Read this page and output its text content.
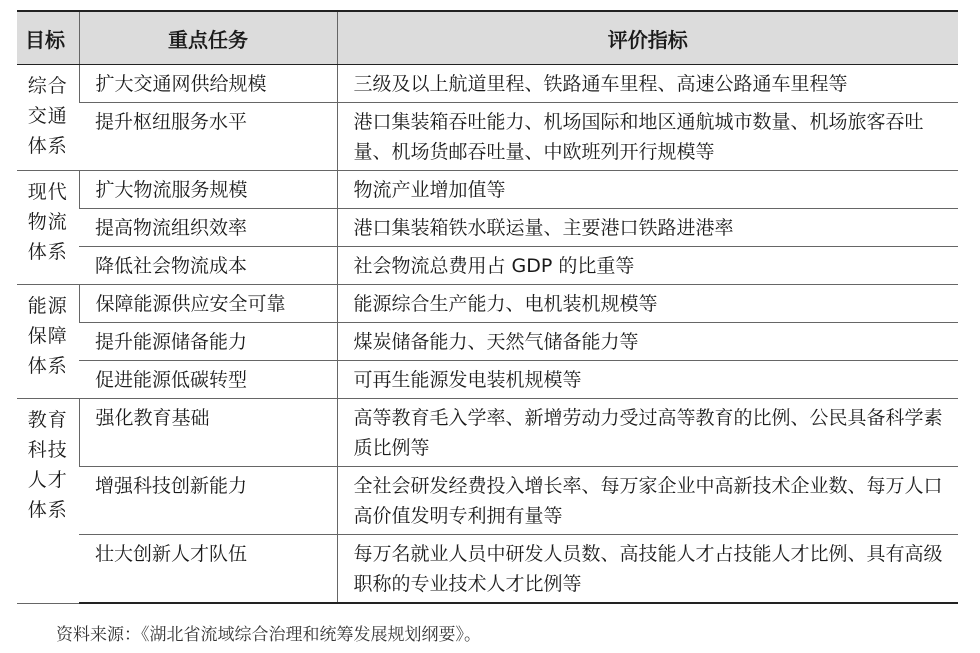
目标	重点任务	评价指标
综合交通体系	扩大交通网供给规模	三级及以上航道里程、铁路通车里程、高速公路通车里程等
	提升枢纽服务水平	港口集装箱吞吐能力、机场国际和地区通航城市数量、机场旅客吞吐量、机场货邮吞吐量、中欧班列开行规模等
现代物流体系	扩大物流服务规模	物流产业增加值等
	提高物流组织效率	港口集装箱铁水联运量、主要港口铁路进港率
	降低社会物流成本	社会物流总费用占 GDP 的比重等
能源保障体系	保障能源供应安全可靠	能源综合生产能力、电机装机规模等
	提升能源储备能力	煤炭储备能力、天然气储备能力等
	促进能源低碳转型	可再生能源发电装机规模等
教育科技人才体系	强化教育基础	高等教育毛入学率、新增劳动力受过高等教育的比例、公民具备科学素质比例等
	增强科技创新能力	全社会研发经费投入增长率、每万家企业中高新技术企业数、每万人口高价值发明专利拥有量等
	壮大创新人才队伍	每万名就业人员中研发人员数、高技能人才占技能人才比例、具有高级职称的专业技术人才比例等
资料来源：《湖北省流域综合治理和统筹发展规划纲要》。
